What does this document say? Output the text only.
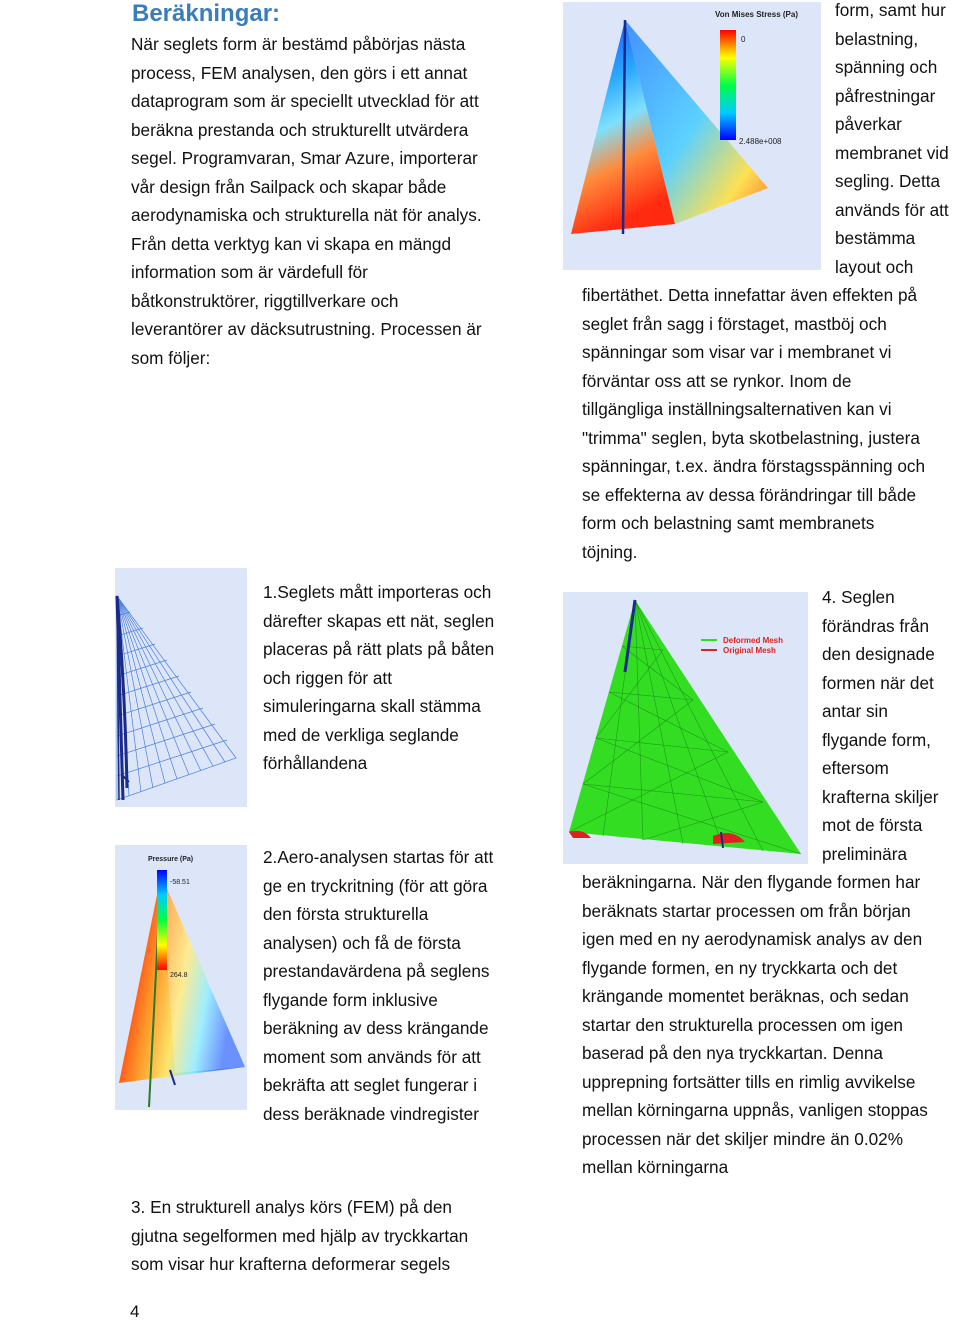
Beräkningar:
När seglets form är bestämd påbörjas nästa
process, FEM analysen, den görs i ett annat
dataprogram som är speciellt utvecklad för att
beräkna prestanda och strukturellt utvärdera
segel. Programvaran, Smar Azure, importerar
vår design från Sailpack och skapar både
aerodynamiska och strukturella nät för analys.
Från detta verktyg kan vi skapa en mängd
information som är värdefull för
båtkonstruktörer, riggtillverkare och
leverantörer av däcksutrustning. Processen är
som följer:
Von Mises Stress (Pa)
0
2.488e+008
form, samt hur
belastning,
spänning och
påfrestningar
påverkar
membranet vid
segling. Detta
används för att
bestämma
layout och
fibertäthet. Detta innefattar även effekten på
seglet från sagg i förstaget, mastböj och
spänningar som visar var i membranet vi
förväntar oss att se rynkor. Inom de
tillgängliga inställningsalternativen kan vi
"trimma" seglen, byta skotbelastning, justera
spänningar, t.ex. ändra förstagsspänning och
se effekterna av dessa förändringar till både
form och belastning samt membranets
töjning.
1.Seglets mått importeras och
därefter skapas ett nät, seglen
placeras på rätt plats på båten
och riggen för att
simuleringarna skall stämma
med de verkliga seglande
förhållandena
Pressure (Pa)
-58.51
264.8
2.Aero-analysen startas för att
ge en tryckritning (för att göra
den första strukturella
analysen) och få de första
prestandavärdena på seglens
flygande form inklusive
beräkning av dess krängande
moment som används för att
bekräfta att seglet fungerar i
dess beräknade vindregister
Deformed Mesh
Original Mesh
4. Seglen
förändras från
den designade
formen när det
antar sin
flygande form,
eftersom
krafterna skiljer
mot de första
preliminära
beräkningarna. När den flygande formen har
beräknats startar processen om från början
igen med en ny aerodynamisk analys av den
flygande formen, en ny tryckkarta och det
krängande momentet beräknas, och sedan
startar den strukturella processen om igen
baserad på den nya tryckkartan. Denna
upprepning fortsätter tills en rimlig avvikelse
mellan körningarna uppnås, vanligen stoppas
processen när det skiljer mindre än 0.02%
mellan körningarna
3. En strukturell analys körs (FEM) på den
gjutna segelformen med hjälp av tryckkartan
som visar hur krafterna deformerar segels
4
